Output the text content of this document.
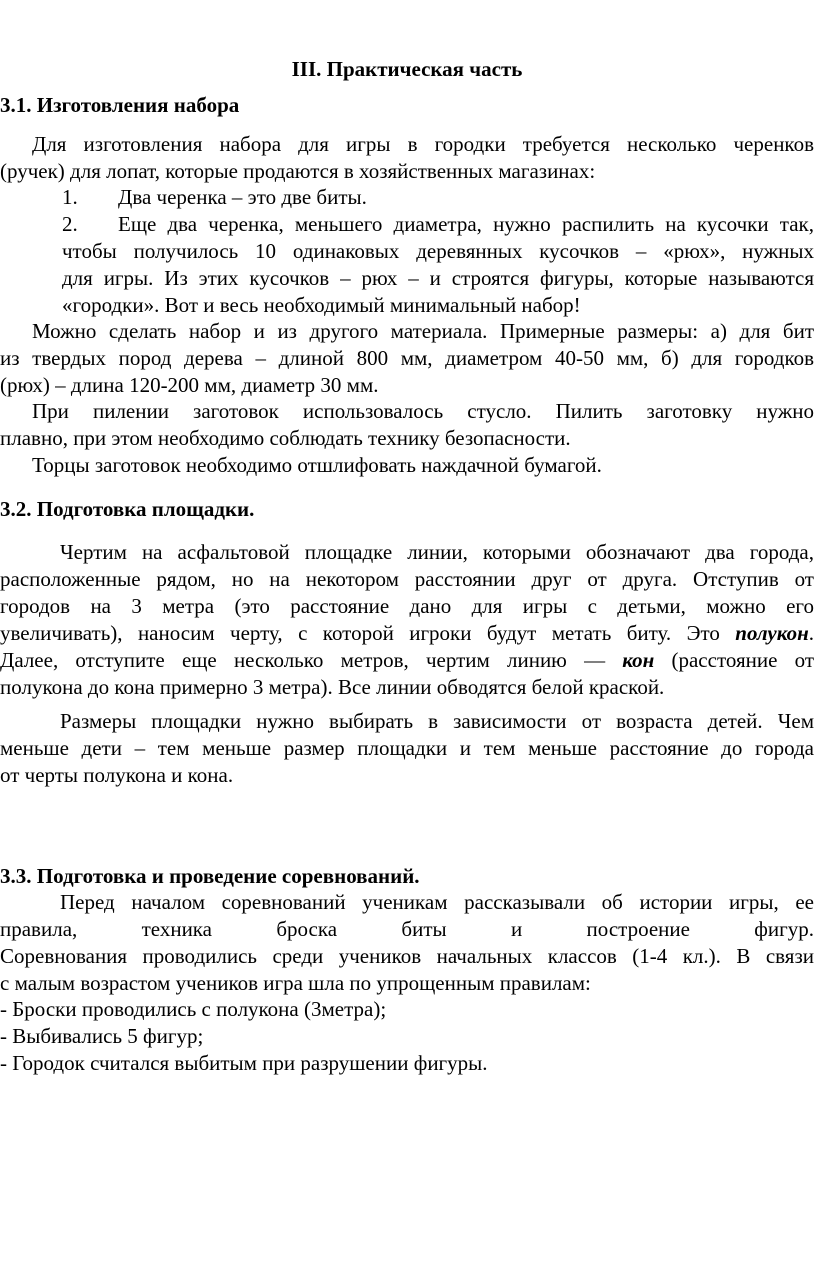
III. Практическая часть
3.1. Изготовления набора
Для изготовления набора для игры в городки требуется несколько черенков
(ручек) для лопат, которые продаются в хозяйственных магазинах:
1. Два черенка – это две биты.
2. Еще два черенка, меньшего диаметра, нужно распилить на кусочки так,
чтобы получилось 10 одинаковых деревянных кусочков – «рюх», нужных
для игры. Из этих кусочков – рюх – и строятся фигуры, которые называются
«городки». Вот и весь необходимый минимальный набор!
Можно сделать набор и из другого материала. Примерные размеры: а) для бит
из твердых пород дерева – длиной 800 мм, диаметром 40-50 мм, б) для городков
(рюх) – длина 120-200 мм, диаметр 30 мм.
При пилении заготовок использовалось стусло. Пилить заготовку нужно
плавно, при этом необходимо соблюдать технику безопасности.
Торцы заготовок необходимо отшлифовать наждачной бумагой.
3.2. Подготовка площадки.
Чертим на асфальтовой площадке линии, которыми обозначают два города,
расположенные рядом, но на некотором расстоянии друг от друга. Отступив от
городов на 3 метра (это расстояние дано для игры с детьми, можно его
увеличивать), наносим черту, с которой игроки будут метать биту. Это полукон.
Далее, отступите еще несколько метров, чертим линию — кон (расстояние от
полукона до кона примерно 3 метра). Все линии обводятся белой краской.
Размеры площадки нужно выбирать в зависимости от возраста детей. Чем
меньше дети – тем меньше размер площадки и тем меньше расстояние до города
от черты полукона и кона.
3.3. Подготовка и проведение соревнований.
Перед началом соревнований ученикам рассказывали об истории игры, ее
правила, техника броска биты и построение фигур.
Соревнования проводились среди учеников начальных классов (1-4 кл.). В связи
с малым возрастом учеников игра шла по упрощенным правилам:
- Броски проводились с полукона (3метра);
- Выбивались 5 фигур;
- Городок считался выбитым при разрушении фигуры.
